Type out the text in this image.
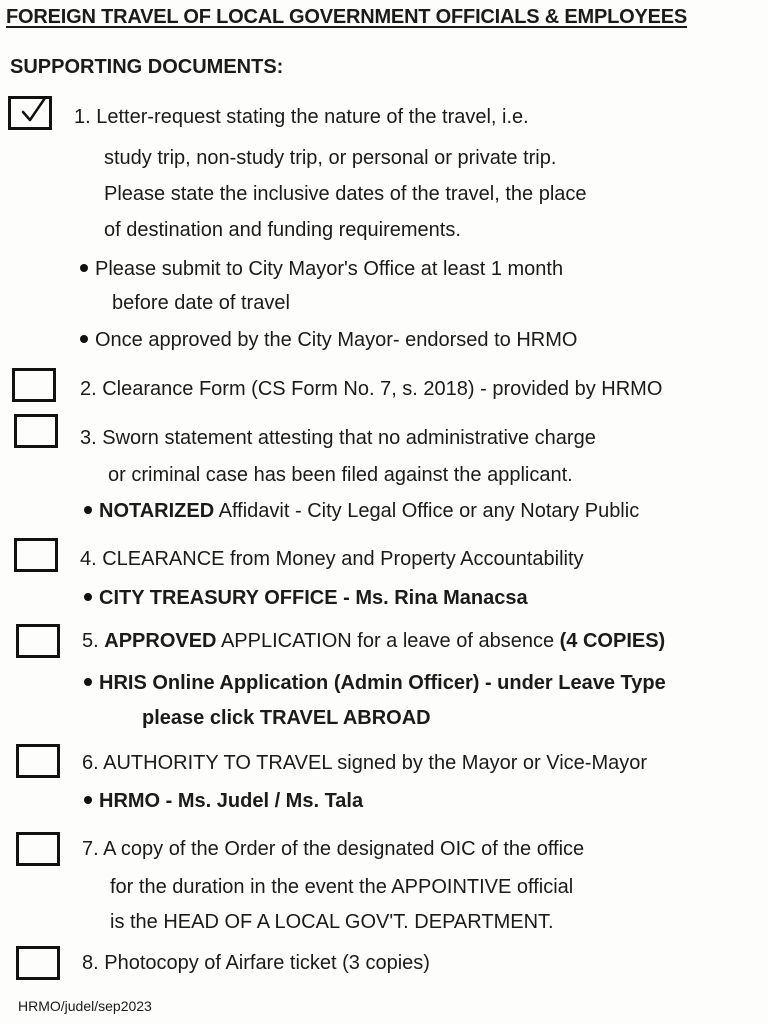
FOREIGN TRAVEL OF LOCAL GOVERNMENT OFFICIALS & EMPLOYEES
SUPPORTING DOCUMENTS:
1. Letter-request stating the nature of the travel, i.e.
study trip, non-study trip, or personal or private trip.
Please state the inclusive dates of the travel, the place
of destination and funding requirements.
Please submit to City Mayor's Office at least 1 month
before date of travel
Once approved by the City Mayor- endorsed to HRMO
2. Clearance Form (CS Form No. 7, s. 2018) - provided by HRMO
3. Sworn statement attesting that no administrative charge
or criminal case has been filed against the applicant.
NOTARIZED Affidavit - City Legal Office or any Notary Public
4. CLEARANCE from Money and Property Accountability
CITY TREASURY OFFICE - Ms. Rina Manacsa
5. APPROVED APPLICATION for a leave of absence (4 COPIES)
HRIS Online Application (Admin Officer) - under Leave Type
please click TRAVEL ABROAD
6. AUTHORITY TO TRAVEL signed by the Mayor or Vice-Mayor
HRMO - Ms. Judel / Ms. Tala
7. A copy of the Order of the designated OIC of the office
for the duration in the event the APPOINTIVE official
is the HEAD OF A LOCAL GOV'T. DEPARTMENT.
8. Photocopy of Airfare ticket (3 copies)
HRMO/judel/sep2023
